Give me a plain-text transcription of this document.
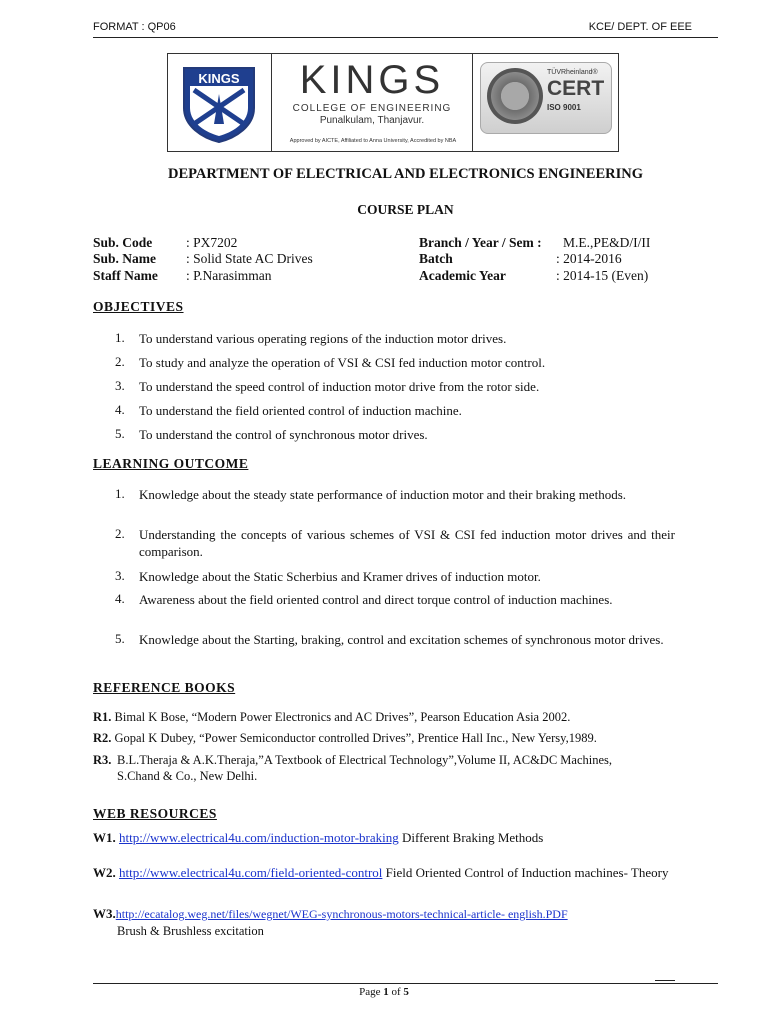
FORMAT : QP06	KCE/ DEPT. OF EEE
KINGS	KINGS
COLLEGE OF ENGINEERING
Punalkulam, Thanjavur.
Approved by AICTE, Affiliated to Anna University, Accredited by NBA
TÜVRheinland®
CERT
ISO 9001
DEPARTMENT OF ELECTRICAL AND ELECTRONICS ENGINEERING
COURSE PLAN
Sub. Code : PX7202
Sub. Name : Solid State AC Drives
Staff Name : P.Narasimman
Branch / Year / Sem : M.E.,PE&D/I/II
Batch	: 2014-2016
Academic Year	: 2014-15 (Even)
OBJECTIVES
1. To understand various operating regions of the induction motor drives.
2. To study and analyze the operation of VSI & CSI fed induction motor control.
3. To understand the speed control of induction motor drive from the rotor side.
4. To understand the field oriented control of induction machine.
5. To understand the control of synchronous motor drives.
LEARNING OUTCOME
1. Knowledge about the steady state performance of induction motor and their braking methods.
2. Understanding the concepts of various schemes of VSI & CSI fed induction motor drives and their comparison.
3. Knowledge about the Static Scherbius and Kramer drives of induction motor.
4. Awareness about the field oriented control and direct torque control of induction machines.
5. Knowledge about the Starting, braking, control and excitation schemes of synchronous motor drives.
REFERENCE BOOKS
R1. Bimal K Bose, “Modern Power Electronics and AC Drives”, Pearson Education Asia 2002.
R2. Gopal K Dubey, “Power Semiconductor controlled Drives”, Prentice Hall Inc., New Yersy,1989.
R3. B.L.Theraja & A.K.Theraja,”A Textbook of Electrical Technology”,Volume II, AC&DC Machines, S.Chand & Co., New Delhi.
WEB RESOURCES
W1. http://www.electrical4u.com/induction-motor-braking Different Braking Methods
W2. http://www.electrical4u.com/field-oriented-control Field Oriented Control of Induction machines- Theory
W3.http://ecatalog.weg.net/files/wegnet/WEG-synchronous-motors-technical-article- english.PDF
Brush & Brushless excitation
Page 1 of 5
